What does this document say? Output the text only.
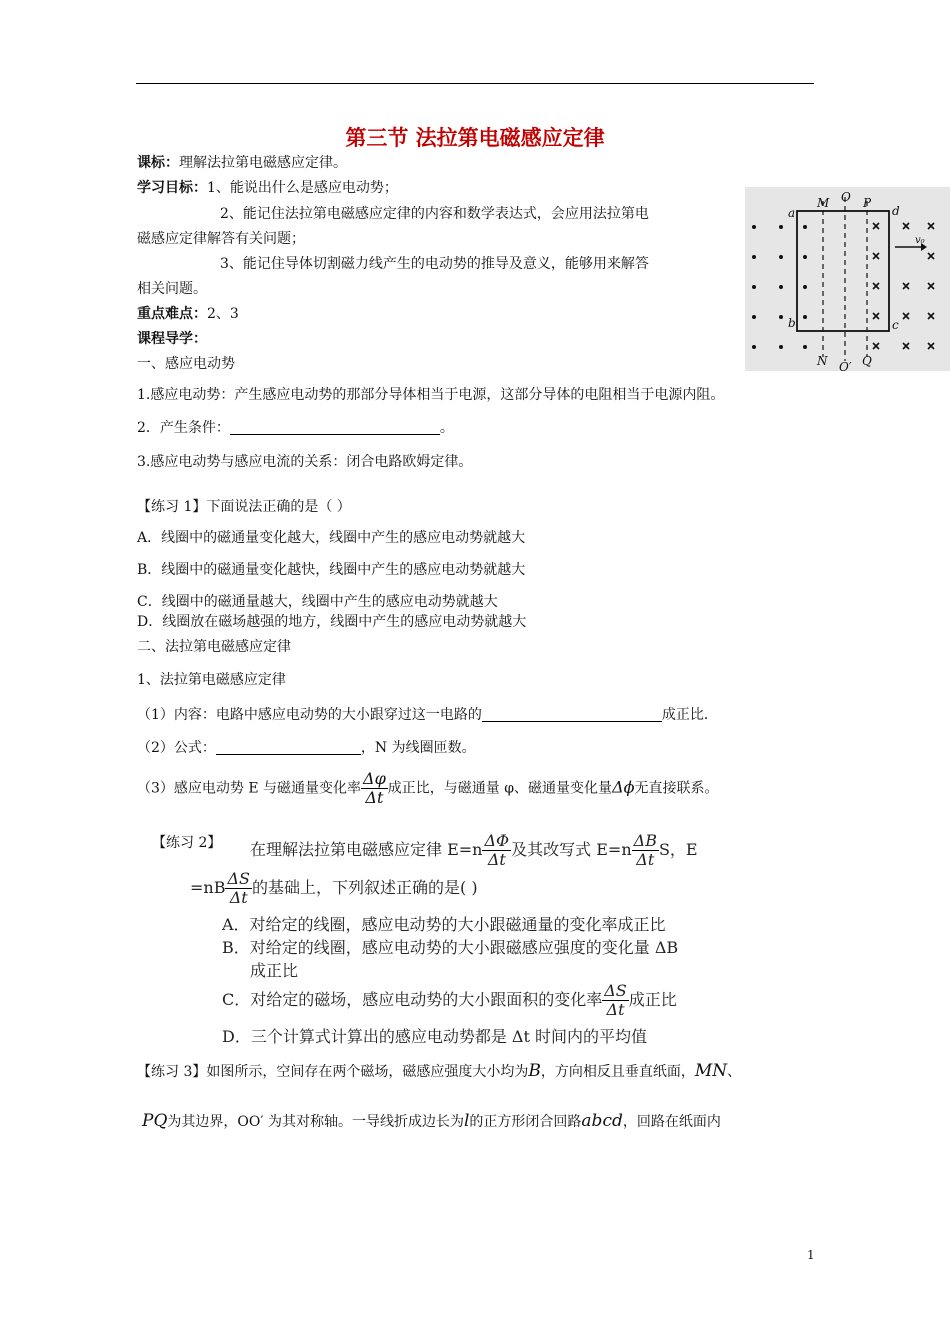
第三节 法拉第电磁感应定律
课标：理解法拉第电磁感应定律。
学习目标：1、能说出什么是感应电动势；
2、能记住法拉第电磁感应定律的内容和数学表达式，会应用法拉第电
磁感应定律解答有关问题；
3、能记住导体切割磁力线产生的电动势的推导及意义，能够用来解答
相关问题。
重点难点：2、3
课程导学：
一、感应电动势
M O P
a	d
b	c
N O′ Q
v₀
1.感应电动势：产生感应电动势的那部分导体相当于电源，这部分导体的电阻相当于电源内阻。
2．产生条件：	。
3.感应电动势与感应电流的关系：闭合电路欧姆定律。
【练习 1】下面说法正确的是（ ）
A．线圈中的磁通量变化越大，线圈中产生的感应电动势就越大
B．线圈中的磁通量变化越快，线圈中产生的感应电动势就越大
C．线圈中的磁通量越大，线圈中产生的感应电动势就越大
D．线圈放在磁场越强的地方，线圈中产生的感应电动势就越大
二、法拉第电磁感应定律
1、法拉第电磁感应定律
（1）内容：电路中感应电动势的大小跟穿过这一电路的	成正比．
（2）公式：	，N 为线圈匝数。
（3）感应电动势 E 与磁通量变化率 $\frac{\Delta\varphi}{\Delta t}$ 成正比，与磁通量 φ、磁通量变化量Δϕ无直接联系。
【练习 2】 在理解法拉第电磁感应定律 $E=n \frac{\Delta\Phi}{\Delta t}$ 及其改写式 $E=n \frac{\Delta B}{\Delta t}$ S，E
$=nB \frac{\Delta S}{\Delta t}$ 的基础上，下列叙述正确的是( )
A．对给定的线圈，感应电动势的大小跟磁通量的变化率成正比
B．对给定的线圈，感应电动势的大小跟磁感应强度的变化量 ΔB
成正比
C．对给定的磁场，感应电动势的大小跟面积的变化率 $\frac{\Delta S}{\Delta t}$ 成正比
D．三个计算式计算出的感应电动势都是 Δt 时间内的平均值
【练习 3】如图所示，空间存在两个磁场，磁感应强度大小均为B，方向相反且垂直纸面，MN、
PQ为其边界，OO′ 为其对称轴。一导线折成边长为l的正方形闭合回路abcd，回路在纸面内
1
